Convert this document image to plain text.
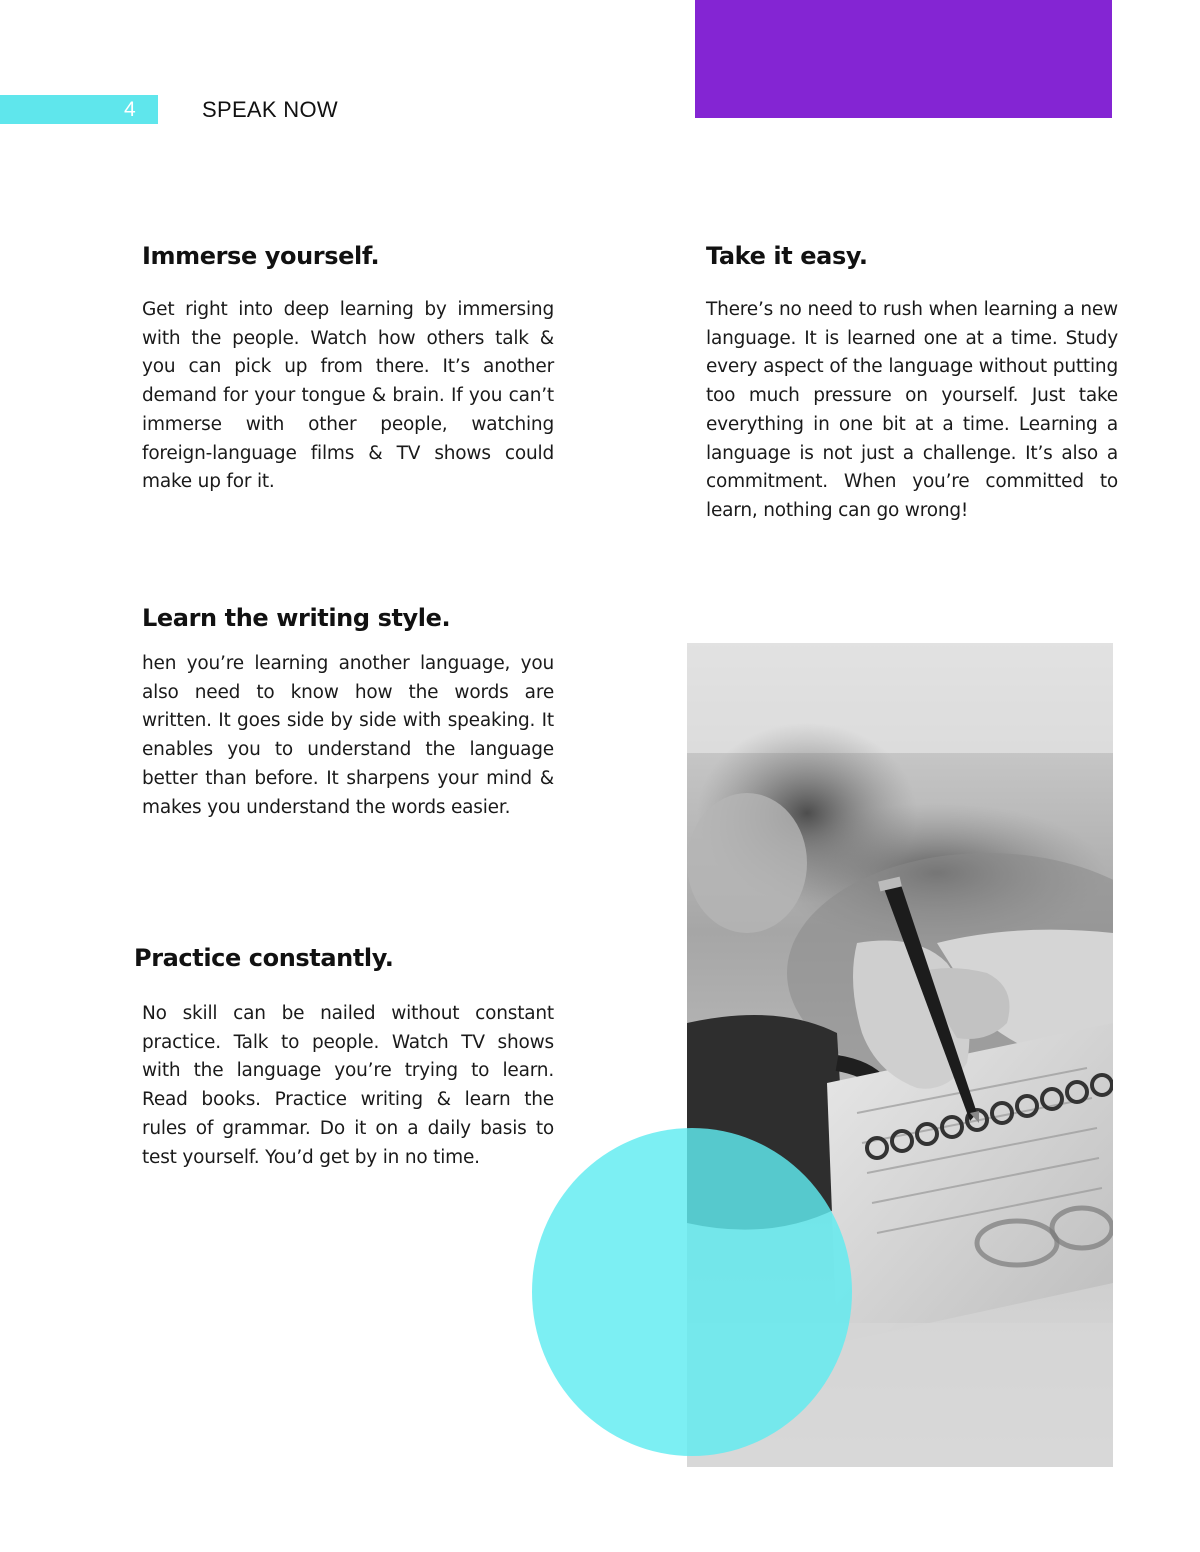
4	SPEAK NOW
Immerse yourself.

Get right into deep learning by immersing with the people. Watch how others talk & you can pick up from there. It’s another demand for your tongue & brain. If you can’t immerse with other people, watching foreign-language films & TV shows could make up for it.

Take it easy.

There’s no need to rush when learning a new language. It is learned one at a time. Study every aspect of the language without putting too much pressure on yourself. Just take everything in one bit at a time. Learning a language is not just a challenge. It’s also a commitment. When you’re committed to learn, nothing can go wrong!

Learn the writing style.

hen you’re learning another language, you also need to know how the words are written. It goes side by side with speaking. It enables you to understand the language better than before. It sharpens your mind & makes you understand the words easier.

Practice constantly.

No skill can be nailed without constant practice. Talk to people. Watch TV shows with the language you’re trying to learn. Read books. Practice writing & learn the rules of grammar. Do it on a daily basis to test yourself. You’d get by in no time.
